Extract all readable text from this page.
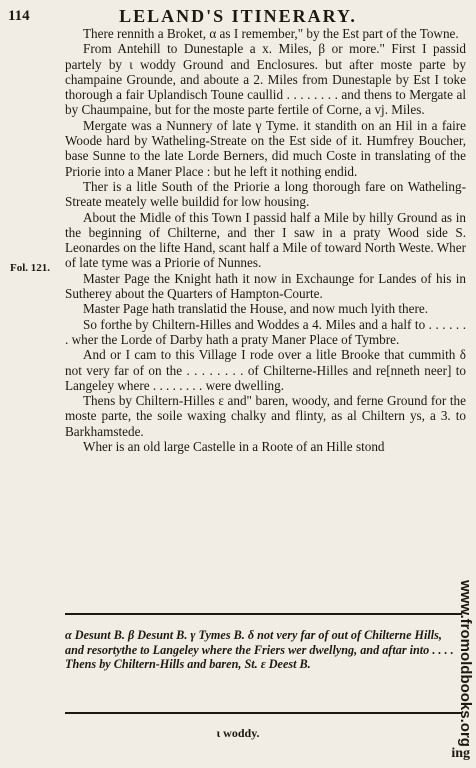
114	LELAND'S ITINERARY.
Fol. 121.

There rennith a Broket, α as I remember," by the Est part of the Towne.

From Antehill to Dunestaple a x. Miles, β or more." First I passid partely by ι woddy Ground and Enclosures. but after moste parte by champaine Grounde, and aboute a 2. Miles from Dunestaple by Est I toke thorough a fair Uplandisch Toune caullid . . . . . . . . and thens to Mergate al by Chaumpaine, but for the moste parte fertile of Corne, a vj. Miles.

Mergate was a Nunnery of late γ Tyme. it standith on an Hil in a faire Woode hard by Watheling-Streate on the Est side of it. Humfrey Boucher, base Sunne to the late Lorde Berners, did much Coste in translating of the Priorie into a Maner Place : but he left it nothing endid.

Ther is a litle South of the Priorie a long thorough fare on Watheling-Streate meately welle buildid for low housing.

About the Midle of this Town I passid half a Mile by hilly Ground as in the beginning of Chilterne, and ther I saw in a praty Wood side S. Leonardes on the lifte Hand, scant half a Mile of toward North Weste. Wher of late tyme was a Priorie of Nunnes.

Master Page the Knight hath it now in Exchaunge for Landes of his in Sutherey about the Quarters of Hampton-Courte.

Master Page hath translatid the House, and now much lyith there.

So forthe by Chiltern-Hilles and Woddes a 4. Miles and a half to . . . . . . . wher the Lorde of Darby hath a praty Maner Place of Tymbre.

And or I cam to this Village I rode over a litle Brooke that cummith δ not very far of on the . . . . . . . . of Chilterne-Hilles and re[nneth neer] to Langeley where . . . . . . . . were dwelling.

Thens by Chiltern-Hilles ε and" baren, woody, and ferne Ground for the moste parte, the soile waxing chalky and flinty, as al Chiltern ys, a 3. to Barkhamstede.

Wher is an old large Castelle in a Roote of an Hille stond

α Desunt B. β Desunt B. γ Tymes B. δ not very far of out of Chilterne Hills, and resortythe to Langeley where the Friers wer dwellyng, and aftar into . . . . Thens by Chiltern-Hills and baren, St. ε Deest B.
ι woddy.
ing
www.fromoldbooks.org
